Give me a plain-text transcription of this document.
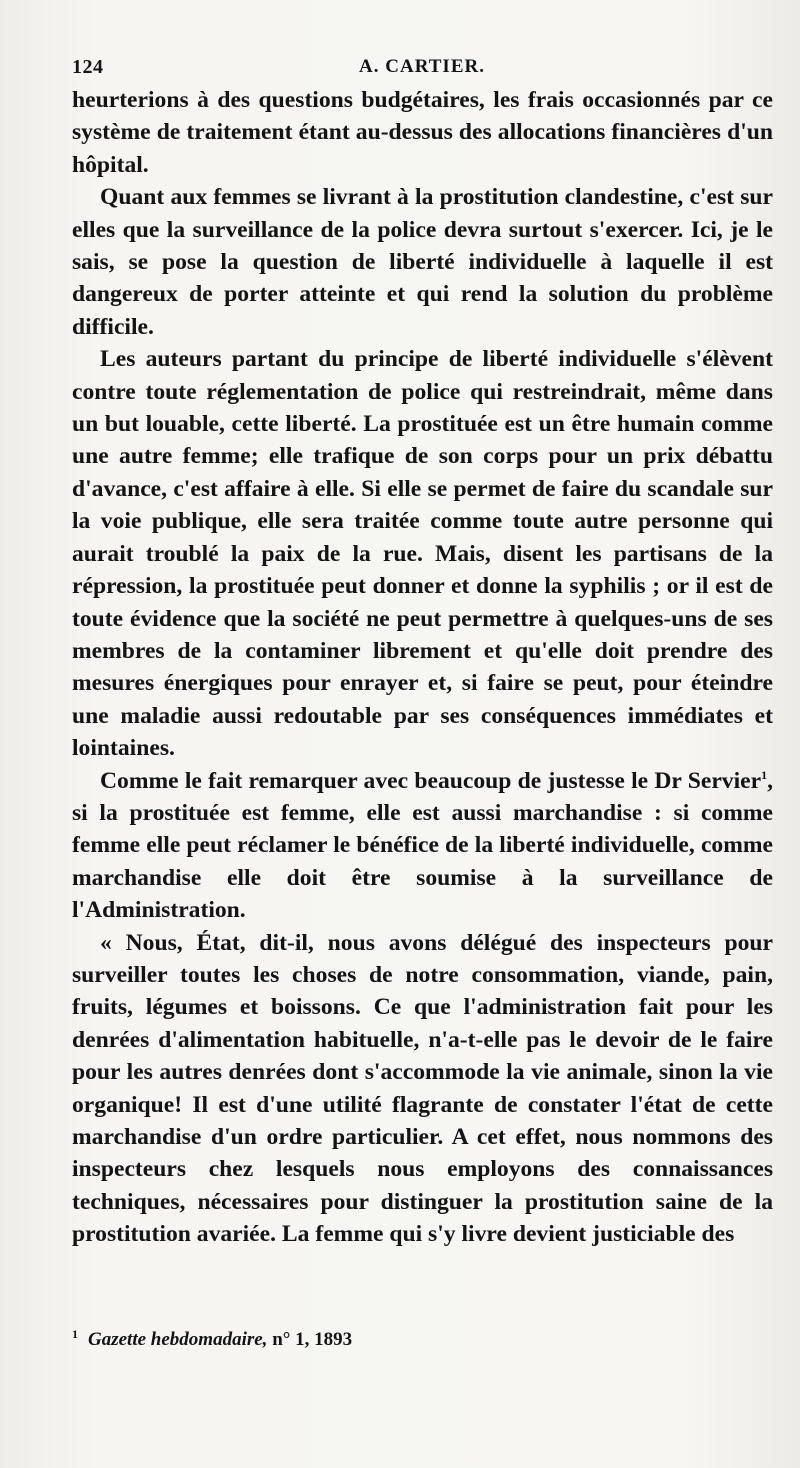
124	A. CARTIER.

heurterions à des questions budgétaires, les frais occasionnés par ce système de traitement étant au-dessus des allocations financières d'un hôpital.

Quant aux femmes se livrant à la prostitution clandestine, c'est sur elles que la surveillance de la police devra surtout s'exercer. Ici, je le sais, se pose la question de liberté individuelle à laquelle il est dangereux de porter atteinte et qui rend la solution du problème difficile.

Les auteurs partant du principe de liberté individuelle s'élèvent contre toute réglementation de police qui restreindrait, même dans un but louable, cette liberté. La prostituée est un être humain comme une autre femme; elle trafique de son corps pour un prix débattu d'avance, c'est affaire à elle. Si elle se permet de faire du scandale sur la voie publique, elle sera traitée comme toute autre personne qui aurait troublé la paix de la rue. Mais, disent les partisans de la répression, la prostituée peut donner et donne la syphilis ; or il est de toute évidence que la société ne peut permettre à quelques-uns de ses membres de la contaminer librement et qu'elle doit prendre des mesures énergiques pour enrayer et, si faire se peut, pour éteindre une maladie aussi redoutable par ses conséquences immédiates et lointaines.

Comme le fait remarquer avec beaucoup de justesse le Dr Servier$^1$, si la prostituée est femme, elle est aussi marchandise : si comme femme elle peut réclamer le bénéfice de la liberté individuelle, comme marchandise elle doit être soumise à la surveillance de l'Administration.

« Nous, État, dit-il, nous avons délégué des inspecteurs pour surveiller toutes les choses de notre consommation, viande, pain, fruits, légumes et boissons. Ce que l'administration fait pour les denrées d'alimentation habituelle, n'a-t-elle pas le devoir de le faire pour les autres denrées dont s'accommode la vie animale, sinon la vie organique! Il est d'une utilité flagrante de constater l'état de cette marchandise d'un ordre particulier. A cet effet, nous nommons des inspecteurs chez lesquels nous employons des connaissances techniques, nécessaires pour distinguer la prostitution saine de la prostitution avariée. La femme qui s'y livre devient justiciable des

$^1$ Gazette hebdomadaire, n° 1, 1893
